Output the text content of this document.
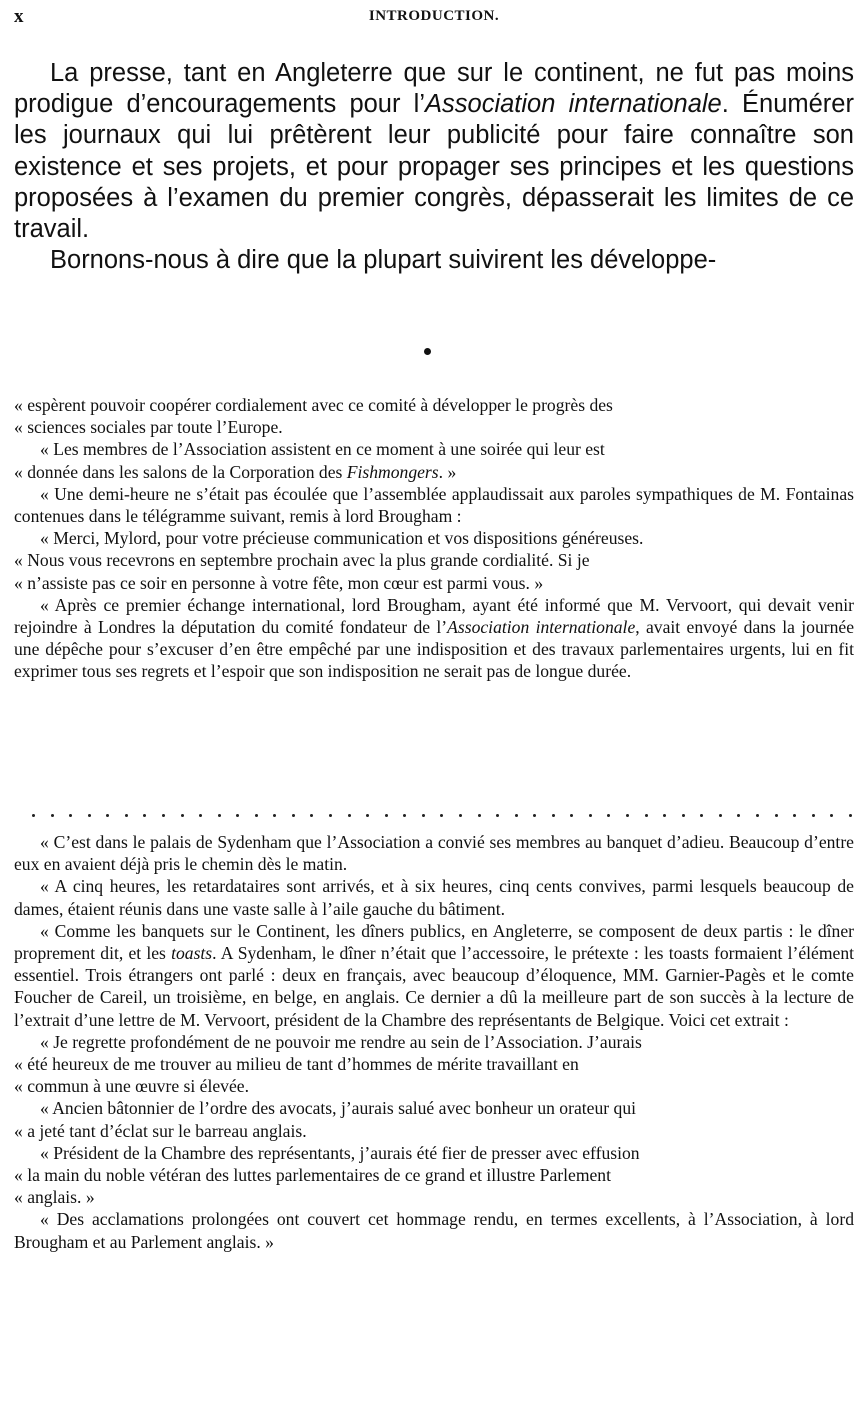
x	INTRODUCTION.

La presse, tant en Angleterre que sur le continent, ne fut pas moins prodigue d’encouragements pour l’Association internationale. Énumérer les journaux qui lui prêtèrent leur publicité pour faire connaître son existence et ses projets, et pour propager ses principes et les questions proposées à l’examen du premier congrès, dépasserait les limites de ce travail.

Bornons-nous à dire que la plupart suivirent les développe-

« espèrent pouvoir coopérer cordialement avec ce comité à développer le progrès des

« sciences sociales par toute l’Europe.

« Les membres de l’Association assistent en ce moment à une soirée qui leur est

« donnée dans les salons de la Corporation des Fishmongers. »

« Une demi-heure ne s’était pas écoulée que l’assemblée applaudissait aux paroles sympathiques de M. Fontainas contenues dans le télégramme suivant, remis à lord Brougham :

« Merci, Mylord, pour votre précieuse communication et vos dispositions généreuses.

« Nous vous recevrons en septembre prochain avec la plus grande cordialité. Si je

« n’assiste pas ce soir en personne à votre fête, mon cœur est parmi vous. »

« Après ce premier échange international, lord Brougham, ayant été informé que M. Vervoort, qui devait venir rejoindre à Londres la députation du comité fondateur de l’Association internationale, avait envoyé dans la journée une dépêche pour s’excuser d’en être empêché par une indisposition et des travaux parlementaires urgents, lui en fit exprimer tous ses regrets et l’espoir que son indisposition ne serait pas de longue durée.

« C’est dans le palais de Sydenham que l’Association a convié ses membres au banquet d’adieu. Beaucoup d’entre eux en avaient déjà pris le chemin dès le matin.

« A cinq heures, les retardataires sont arrivés, et à six heures, cinq cents convives, parmi lesquels beaucoup de dames, étaient réunis dans une vaste salle à l’aile gauche du bâtiment.

« Comme les banquets sur le Continent, les dîners publics, en Angleterre, se composent de deux partis : le dîner proprement dit, et les toasts. A Sydenham, le dîner n’était que l’accessoire, le prétexte : les toasts formaient l’élément essentiel. Trois étrangers ont parlé : deux en français, avec beaucoup d’éloquence, MM. Garnier-Pagès et le comte Foucher de Careil, un troisième, en belge, en anglais. Ce dernier a dû la meilleure part de son succès à la lecture de l’extrait d’une lettre de M. Vervoort, président de la Chambre des représentants de Belgique. Voici cet extrait :

« Je regrette profondément de ne pouvoir me rendre au sein de l’Association. J’aurais

« été heureux de me trouver au milieu de tant d’hommes de mérite travaillant en

« commun à une œuvre si élevée.

« Ancien bâtonnier de l’ordre des avocats, j’aurais salué avec bonheur un orateur qui

« a jeté tant d’éclat sur le barreau anglais.

« Président de la Chambre des représentants, j’aurais été fier de presser avec effusion

« la main du noble vétéran des luttes parlementaires de ce grand et illustre Parlement

« anglais. »

« Des acclamations prolongées ont couvert cet hommage rendu, en termes excellents, à l’Association, à lord Brougham et au Parlement anglais. »
